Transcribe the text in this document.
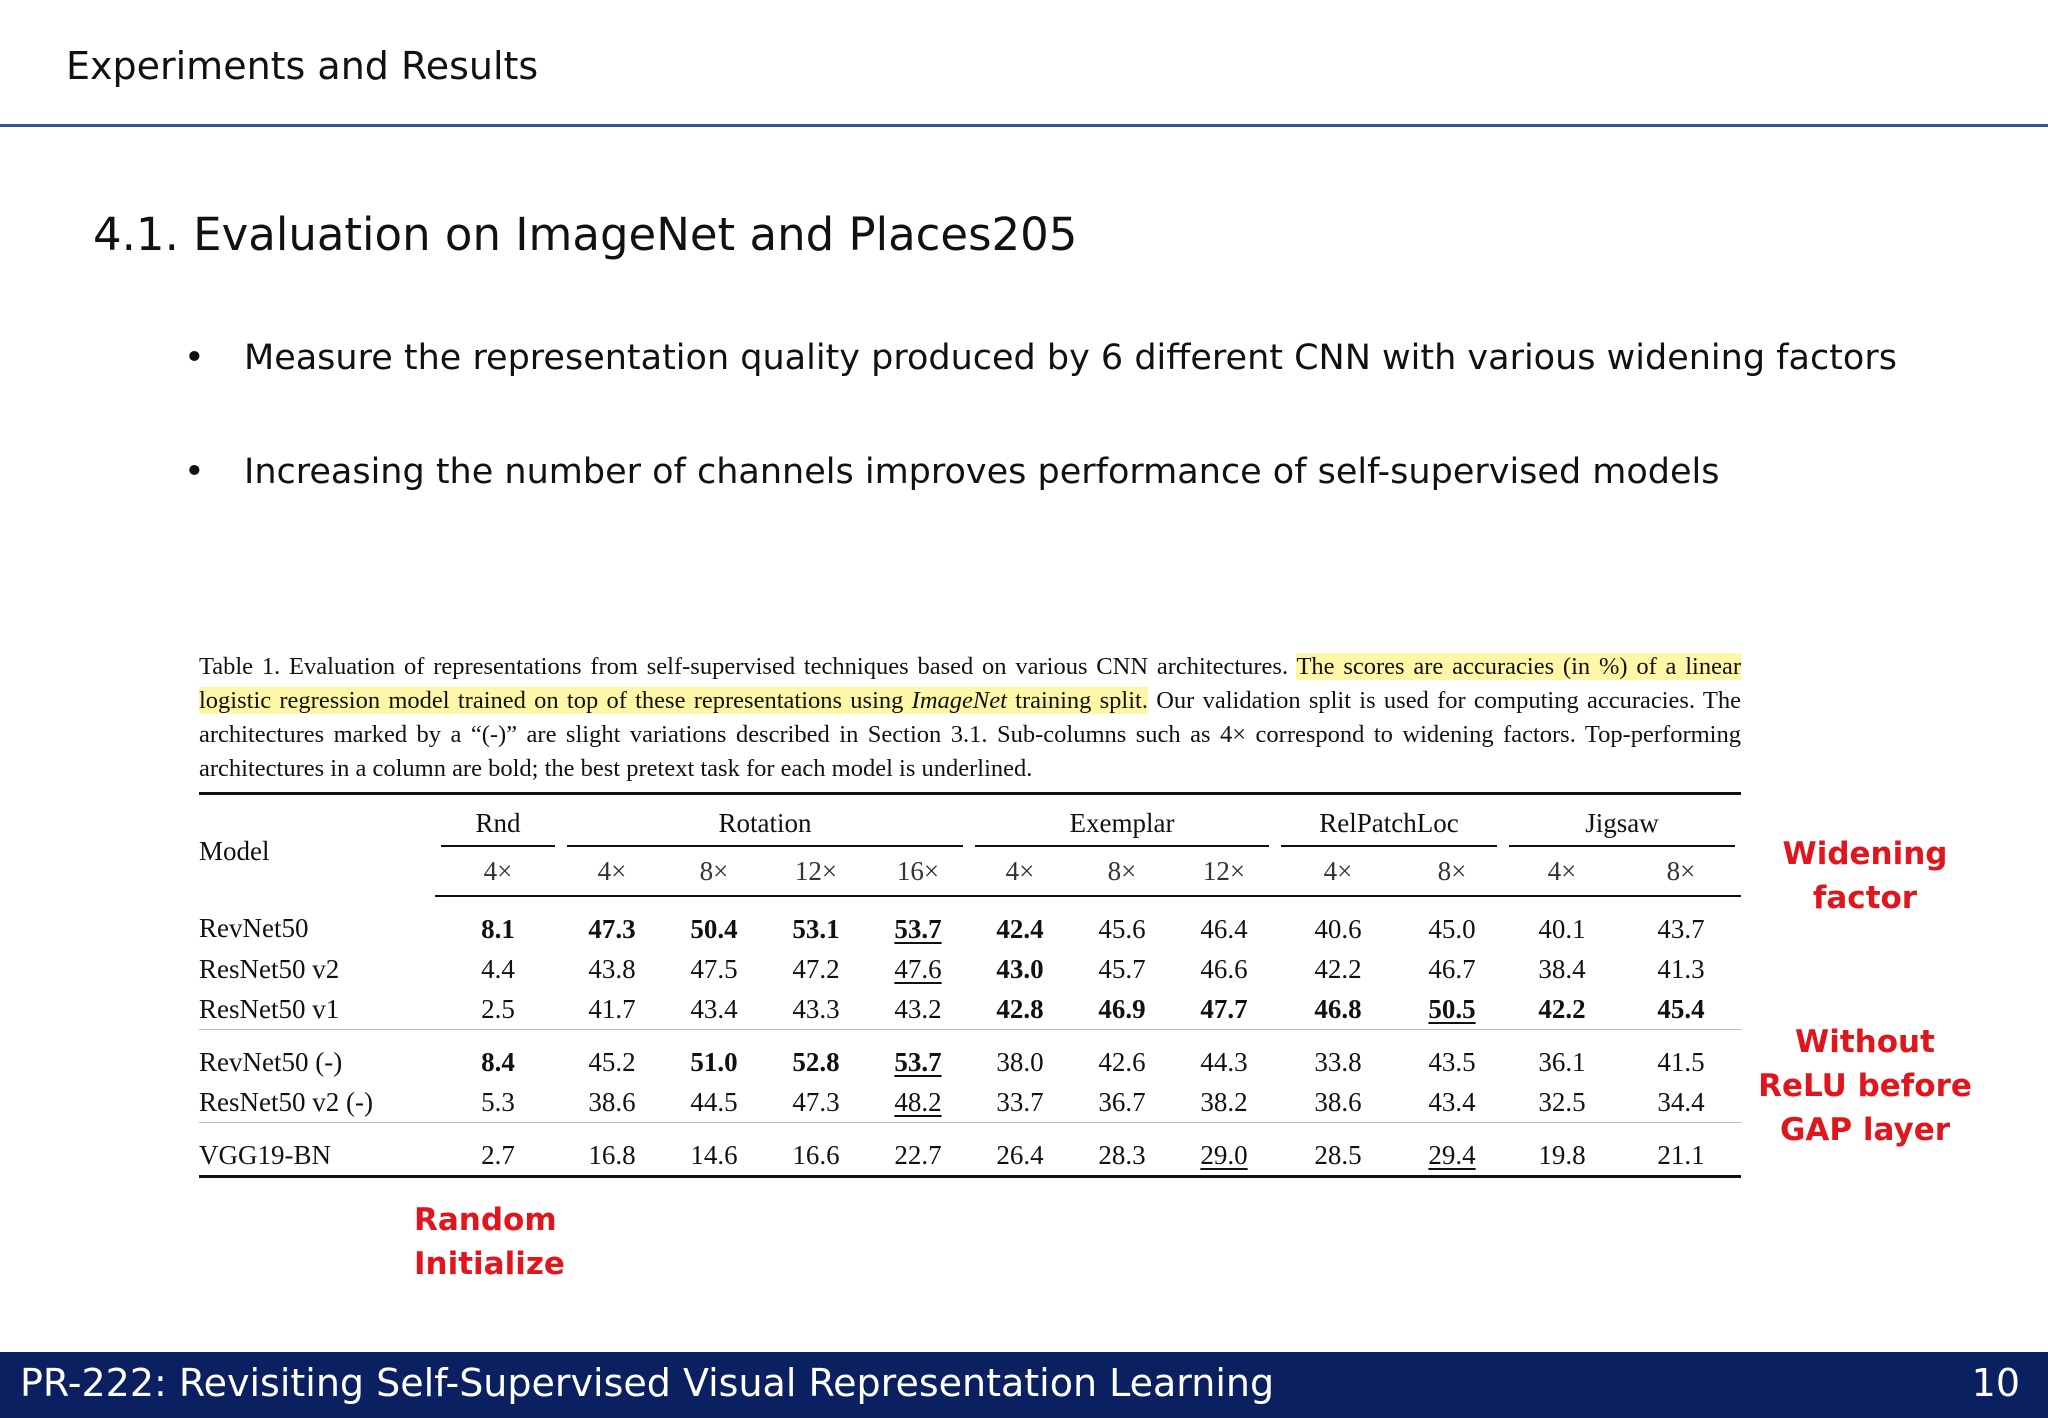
Experiments and Results
4.1. Evaluation on ImageNet and Places205
• Measure the representation quality produced by 6 different CNN with various widening factors
• Increasing the number of channels improves performance of self-supervised models
Table 1. Evaluation of representations from self-supervised techniques based on various CNN architectures. The scores are accuracies (in %) of a linear logistic regression model trained on top of these representations using ImageNet training split. Our validation split is used for computing accuracies. The architectures marked by a “(-)” are slight variations described in Section 3.1. Sub-columns such as 4× correspond to widening factors. Top-performing architectures in a column are bold; the best pretext task for each model is underlined.
Model	Rnd	Rotation				Exemplar			RelPatchLoc		Jigsaw	

	4×	4×	8×	12×	16×	4×	8×	12×	4×	8×	4×	8×
RevNet50	8.1	47.3	50.4	53.1	53.7	42.4	45.6	46.4	40.6	45.0	40.1	43.7
ResNet50 v2	4.4	43.8	47.5	47.2	47.6	43.0	45.7	46.6	42.2	46.7	38.4	41.3
ResNet50 v1	2.5	41.7	43.4	43.3	43.2	42.8	46.9	47.7	46.8	50.5	42.2	45.4
RevNet50 (-)	8.4	45.2	51.0	52.8	53.7	38.0	42.6	44.3	33.8	43.5	36.1	41.5
ResNet50 v2 (-)	5.3	38.6	44.5	47.3	48.2	33.7	36.7	38.2	38.6	43.4	32.5	34.4
VGG19-BN	2.7	16.8	14.6	16.6	22.7	26.4	28.3	29.0	28.5	29.4	19.8	21.1
Widening
factor
Without
ReLU before
GAP layer
Random
Initialize
PR-222: Revisiting Self-Supervised Visual Representation Learning	10
